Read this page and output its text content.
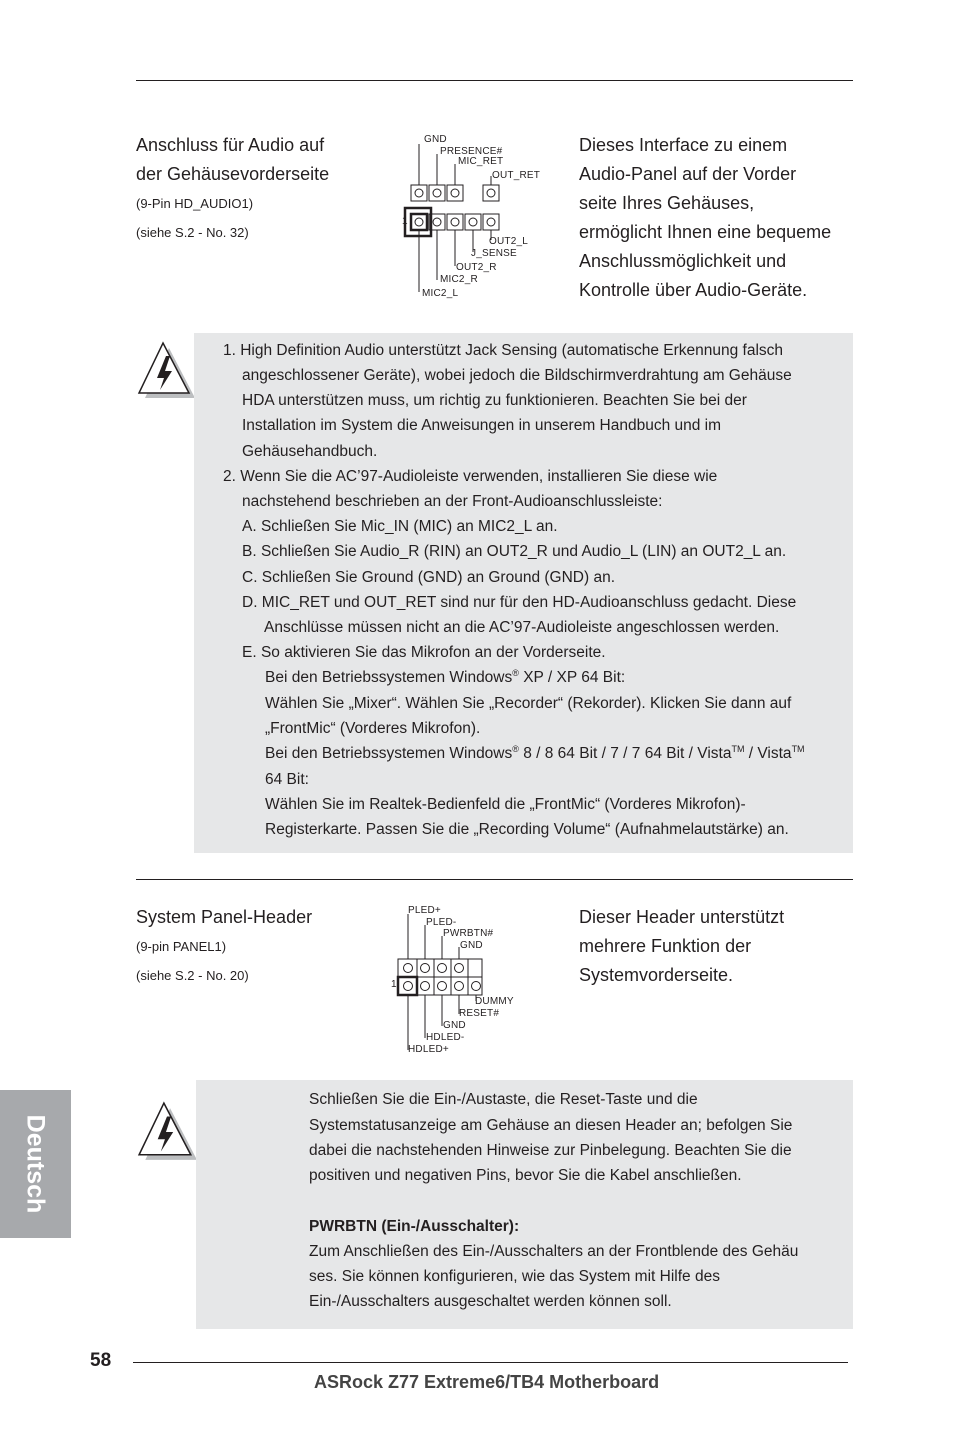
Anschluss für Audio auf
der Gehäusevorderseite
(9-Pin HD_AUDIO1)
(siehe S.2 - No. 32)
GND
PRESENCE#
MIC_RET
OUT_RET
1
OUT2_L
J_SENSE
OUT2_R
MIC2_R
MIC2_L
Dieses Interface zu einem
Audio-Panel auf der Vorder
seite Ihres Gehäuses,
ermöglicht Ihnen eine bequeme
Anschlussmöglichkeit und
Kontrolle über Audio-Geräte.
1. High Definition Audio unterstützt Jack Sensing (automatische Erkennung falsch
angeschlossener Geräte), wobei jedoch die Bildschirmverdrahtung am Gehäuse
HDA unterstützen muss, um richtig zu funktionieren. Beachten Sie bei der
Installation im System die Anweisungen in unserem Handbuch und im
Gehäusehandbuch.
2. Wenn Sie die AC’97-Audioleiste verwenden, installieren Sie diese wie
nachstehend beschrieben an der Front-Audioanschlussleiste:
A. Schließen Sie Mic_IN (MIC) an MIC2_L an.
B. Schließen Sie Audio_R (RIN) an OUT2_R und Audio_L (LIN) an OUT2_L an.
C. Schließen Sie Ground (GND) an Ground (GND) an.
D. MIC_RET und OUT_RET sind nur für den HD-Audioanschluss gedacht. Diese
Anschlüsse müssen nicht an die AC’97-Audioleiste angeschlossen werden.
E. So aktivieren Sie das Mikrofon an der Vorderseite.
Bei den Betriebssystemen Windows® XP / XP 64 Bit:
Wählen Sie „Mixer“. Wählen Sie „Recorder“ (Rekorder). Klicken Sie dann auf
„FrontMic“ (Vorderes Mikrofon).
Bei den Betriebssystemen Windows® 8 / 8 64 Bit / 7 / 7 64 Bit / Vista™ / Vista™
64 Bit:
Wählen Sie im Realtek-Bedienfeld die „FrontMic“ (Vorderes Mikrofon)-
Registerkarte. Passen Sie die „Recording Volume“ (Aufnahmelautstärke) an.
System Panel-Header
(9-pin PANEL1)
(siehe S.2 - No. 20)
PLED+
PLED-
PWRBTN#
GND
1
DUMMY
RESET#
GND
HDLED-
HDLED+
Dieser Header unterstützt
mehrere Funktion der
Systemvorderseite.
Schließen Sie die Ein-/Austaste, die Reset-Taste und die
Systemstatusanzeige am Gehäuse an diesen Header an; befolgen Sie
dabei die nachstehenden Hinweise zur Pinbelegung. Beachten Sie die
positiven und negativen Pins, bevor Sie die Kabel anschließen.
PWRBTN (Ein-/Ausschalter):
Zum Anschließen des Ein-/Ausschalters an der Frontblende des Gehäu
ses. Sie können konfigurieren, wie das System mit Hilfe des
Ein-/Ausschalters ausgeschaltet werden können soll.
Deutsch
58
ASRock Z77 Extreme6/TB4 Motherboard
